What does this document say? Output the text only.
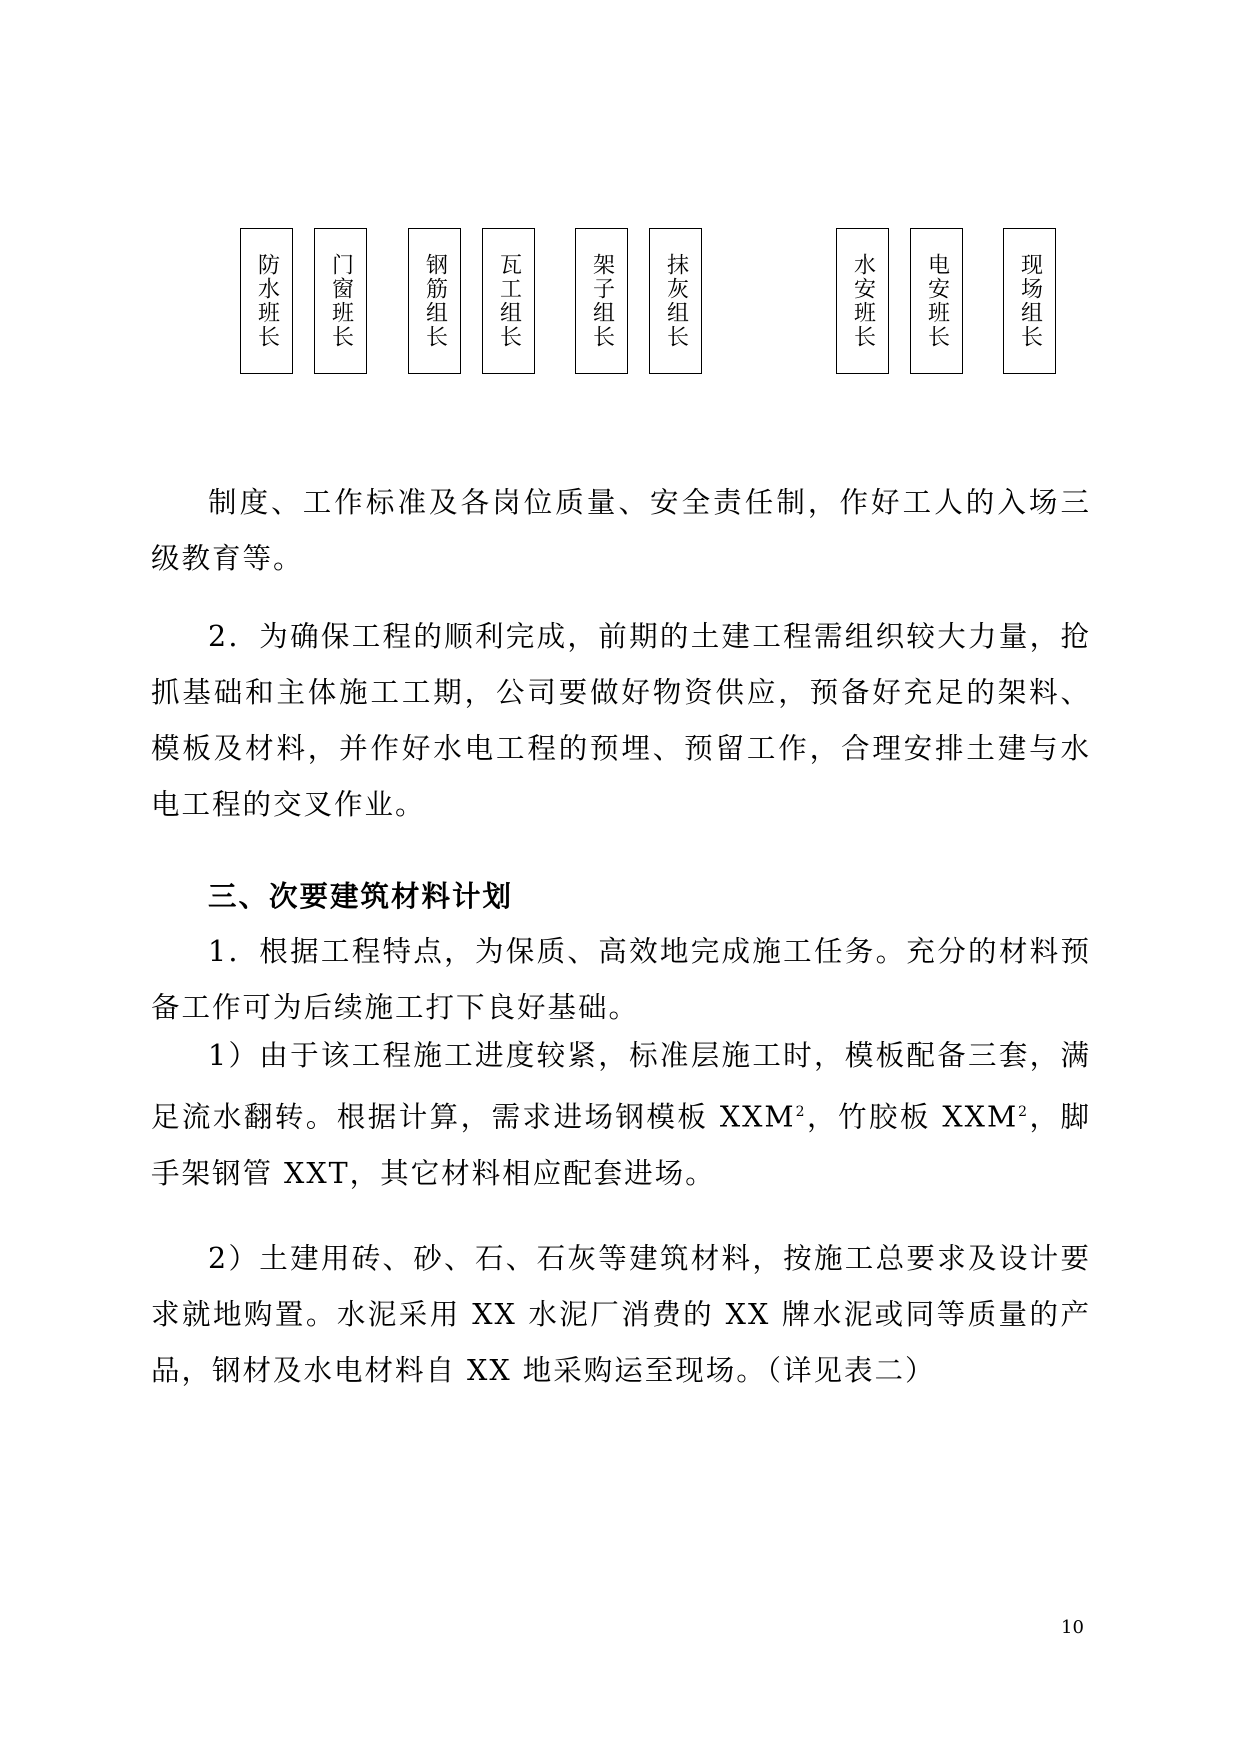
防水班长 门窗班长	钢筋组长 瓦工组长	架子组长 抹灰组长	水安班长 电安班长	现场组长

制度、工作标准及各岗位质量、安全责任制，作好工人的入场三级教育等。

2．为确保工程的顺利完成，前期的土建工程需组织较大力量，抢抓基础和主体施工工期，公司要做好物资供应，预备好充足的架料、模板及材料，并作好水电工程的预埋、预留工作，合理安排土建与水电工程的交叉作业。

三、次要建筑材料计划

1．根据工程特点，为保质、高效地完成施工任务。充分的材料预备工作可为后续施工打下良好基础。

1）由于该工程施工进度较紧，标准层施工时，模板配备三套，满足流水翻转。根据计算，需求进场钢模板 XXM$^2$，竹胶板 XXM$^2$，脚手架钢管 XXT，其它材料相应配套进场。

2）土建用砖、砂、石、石灰等建筑材料，按施工总要求及设计要求就地购置。水泥采用 XX 水泥厂消费的 XX 牌水泥或同等质量的产品，钢材及水电材料自 XX 地采购运至现场。（详见表二）

10
